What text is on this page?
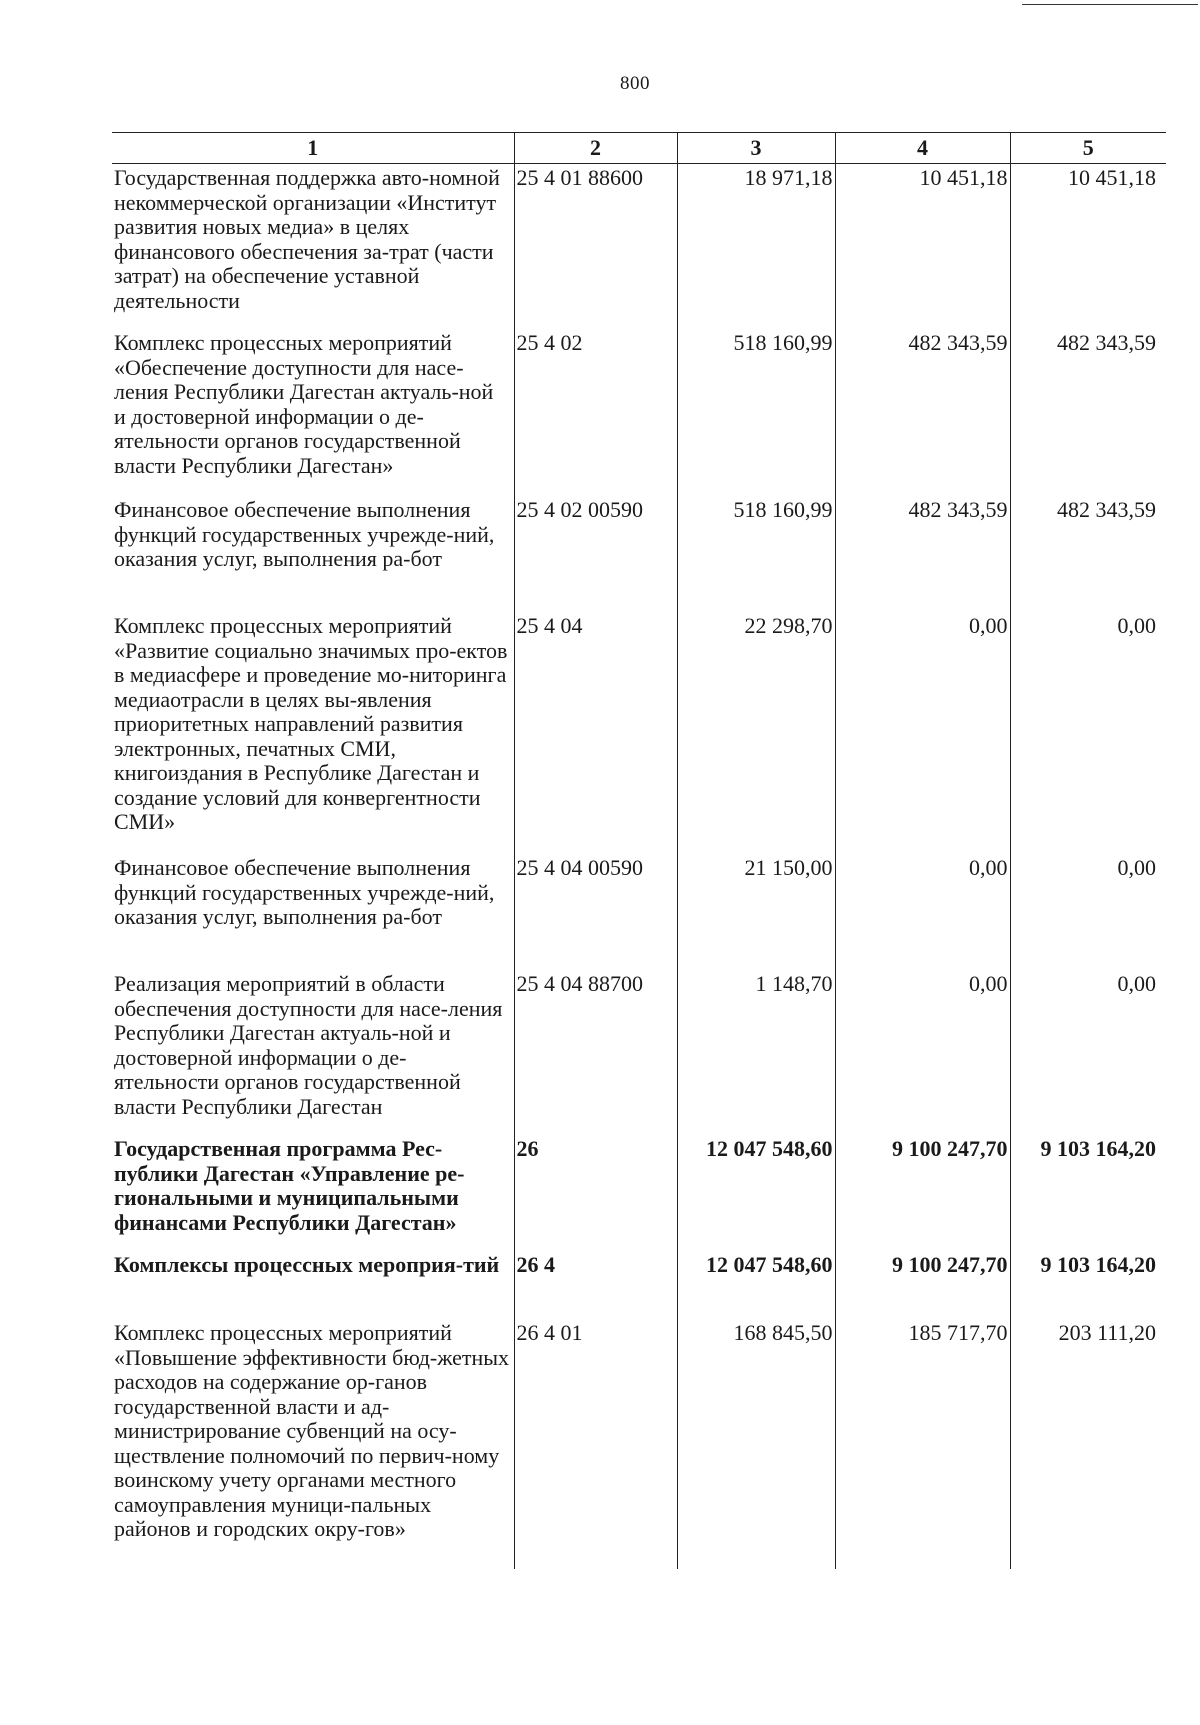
800
1	2	3	4	5
Государственная поддержка авто-номной некоммерческой организации «Институт развития новых медиа» в целях финансового обеспечения за-трат (части затрат) на обеспечение уставной деятельности	25 4 01 88600	18 971,18	10 451,18	10 451,18
Комплекс процессных мероприятий «Обеспечение доступности для насе-ления Республики Дагестан актуаль-ной и достоверной информации о де-ятельности органов государственной власти Республики Дагестан»	25 4 02	518 160,99	482 343,59	482 343,59
Финансовое обеспечение выполнения функций государственных учрежде-ний, оказания услуг, выполнения ра-бот	25 4 02 00590	518 160,99	482 343,59	482 343,59
Комплекс процессных мероприятий «Развитие социально значимых про-ектов в медиасфере и проведение мо-ниторинга медиаотрасли в целях вы-явления приоритетных направлений развития электронных, печатных СМИ, книгоиздания в Республике Дагестан и создание условий для конвергентности СМИ»	25 4 04	22 298,70	0,00	0,00
Финансовое обеспечение выполнения функций государственных учрежде-ний, оказания услуг, выполнения ра-бот	25 4 04 00590	21 150,00	0,00	0,00
Реализация мероприятий в области обеспечения доступности для насе-ления Республики Дагестан актуаль-ной и достоверной информации о де-ятельности органов государственной власти Республики Дагестан	25 4 04 88700	1 148,70	0,00	0,00
Государственная программа Рес-публики Дагестан «Управление ре-гиональными и муниципальными финансами Республики Дагестан»	26	12 047 548,60	9 100 247,70	9 103 164,20
Комплексы процессных мероприя-тий	26 4	12 047 548,60	9 100 247,70	9 103 164,20
Комплекс процессных мероприятий «Повышение эффективности бюд-жетных расходов на содержание ор-ганов государственной власти и ад-министрирование субвенций на осу-ществление полномочий по первич-ному воинскому учету органами местного самоуправления муници-пальных районов и городских окру-гов»	26 4 01	168 845,50	185 717,70	203 111,20
